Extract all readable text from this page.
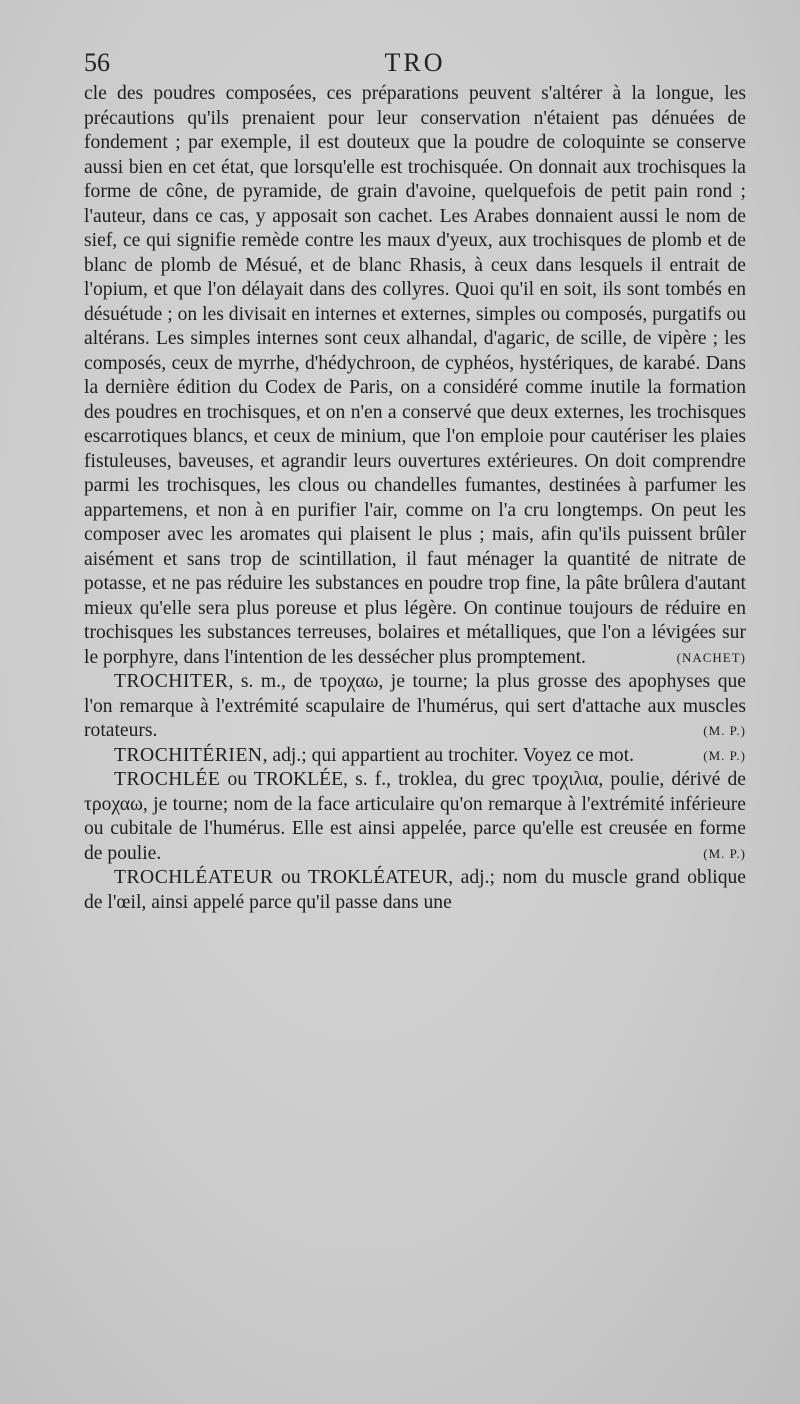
56	TRO

cle des poudres composées, ces préparations peuvent s'altérer à la longue, les précautions qu'ils prenaient pour leur conservation n'étaient pas dénuées de fondement ; par exemple, il est douteux que la poudre de coloquinte se conserve aussi bien en cet état, que lorsqu'elle est trochisquée. On donnait aux trochisques la forme de cône, de pyramide, de grain d'avoine, quelquefois de petit pain rond ; l'auteur, dans ce cas, y apposait son cachet. Les Arabes donnaient aussi le nom de sief, ce qui signifie remède contre les maux d'yeux, aux trochisques de plomb et de blanc de plomb de Mésué, et de blanc Rhasis, à ceux dans lesquels il entrait de l'opium, et que l'on délayait dans des collyres. Quoi qu'il en soit, ils sont tombés en désuétude ; on les divisait en internes et externes, simples ou composés, purgatifs ou altérans. Les simples internes sont ceux alhandal, d'agaric, de scille, de vipère ; les composés, ceux de myrrhe, d'hédychroon, de cyphéos, hystériques, de karabé. Dans la dernière édition du Codex de Paris, on a considéré comme inutile la formation des poudres en trochisques, et on n'en a conservé que deux externes, les trochisques escarrotiques blancs, et ceux de minium, que l'on emploie pour cautériser les plaies fistuleuses, baveuses, et agrandir leurs ouvertures extérieures. On doit comprendre parmi les trochisques, les clous ou chandelles fumantes, destinées à parfumer les appartemens, et non à en purifier l'air, comme on l'a cru longtemps. On peut les composer avec les aromates qui plaisent le plus ; mais, afin qu'ils puissent brûler aisément et sans trop de scintillation, il faut ménager la quantité de nitrate de potasse, et ne pas réduire les substances en poudre trop fine, la pâte brûlera d'autant mieux qu'elle sera plus poreuse et plus légère. On continue toujours de réduire en trochisques les substances terreuses, bolaires et métalliques, que l'on a lévigées sur le porphyre, dans l'intention de les dessécher plus promptement.	(NACHET)

TROCHITER, s. m., de τροχαω, je tourne; la plus grosse des apophyses que l'on remarque à l'extrémité scapulaire de l'humérus, qui sert d'attache aux muscles rotateurs.	(M. P.)

TROCHITÉRIEN, adj.; qui appartient au trochiter. Voyez ce mot.	(M. P.)

TROCHLÉE ou TROKLÉE, s. f., troklea, du grec τροχιλια, poulie, dérivé de τροχαω, je tourne; nom de la face articulaire qu'on remarque à l'extrémité inférieure ou cubitale de l'humérus. Elle est ainsi appelée, parce qu'elle est creusée en forme de poulie.	(M. P.)

TROCHLÉATEUR ou TROKLÉATEUR, adj.; nom du muscle grand oblique de l'œil, ainsi appelé parce qu'il passe dans une
